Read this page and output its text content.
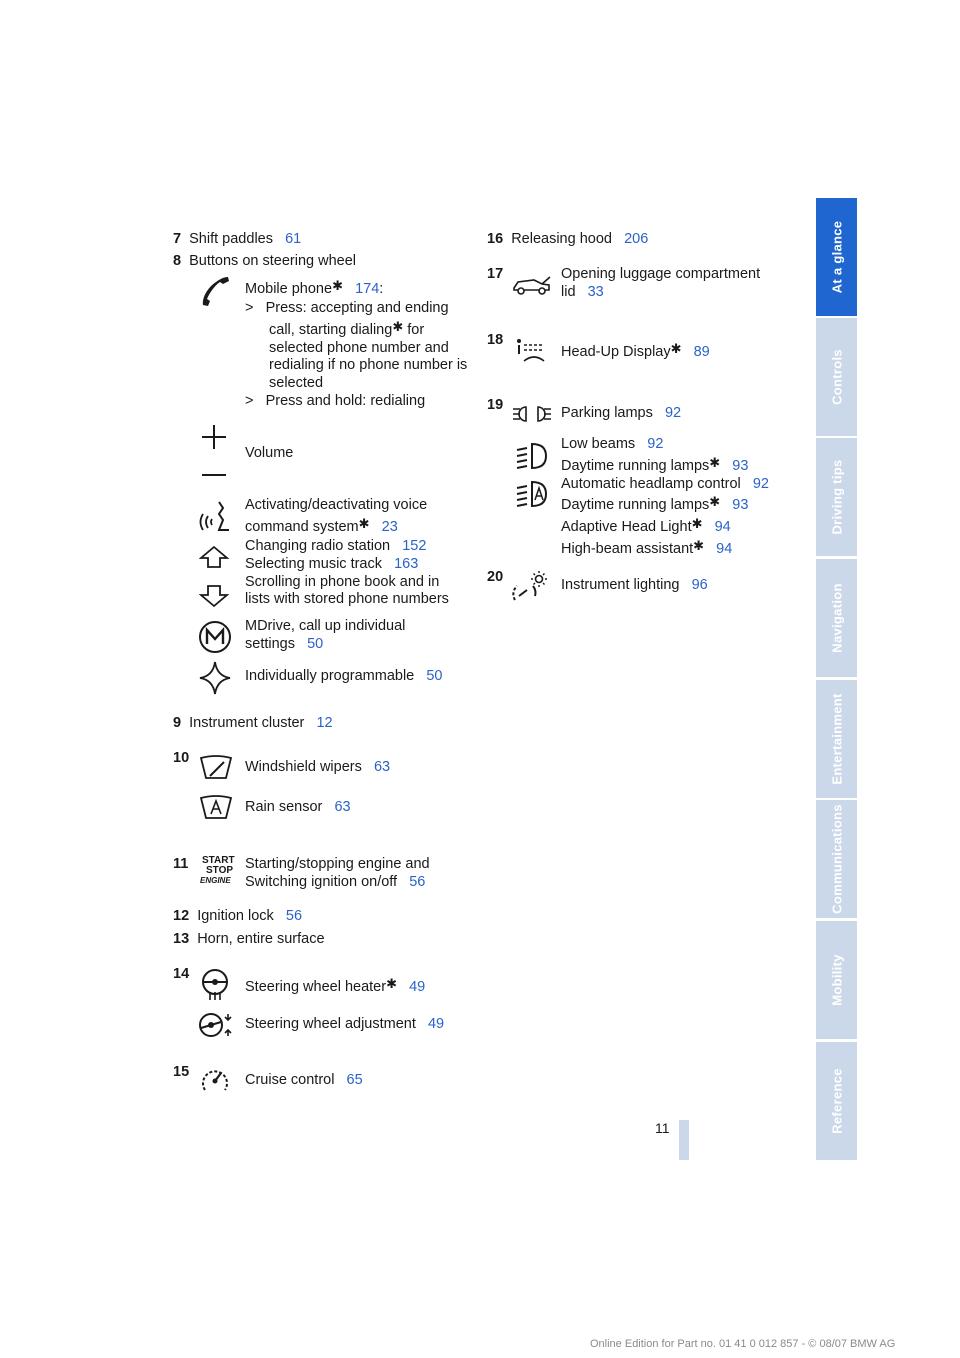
7 Shift paddles 61
8 Buttons on steering wheel
Mobile phone✱ 174:
>   Press: accepting and ending
call, starting dialing✱ for
selected phone number and
redialing if no phone number is
selected
>   Press and hold: redialing
Volume
Activating/deactivating voice
command system✱ 23
Changing radio station 152
Selecting music track 163
Scrolling in phone book and in
lists with stored phone numbers
MDrive, call up individual
settings 50
Individually programmable 50
9 Instrument cluster 12
10
Windshield wipers 63
Rain sensor 63
11	START
STOP
ENGINE
Starting/stopping engine and
Switching ignition on/off 56
12 Ignition lock 56
13 Horn, entire surface
14
Steering wheel heater✱ 49
Steering wheel adjustment 49
15	Cruise control 65
16 Releasing hood 206
17	Opening luggage compartment
lid 33
18
Head-Up Display✱ 89
19	Parking lamps 92
Low beams 92
Daytime running lamps✱ 93
Automatic headlamp control 92
Daytime running lamps✱ 93
Adaptive Head Light✱ 94
High-beam assistant✱ 94
20	Instrument lighting 96
At a glance
Controls
Driving tips
Navigation
Entertainment
Communications
Mobility
Reference
11
Online Edition for Part no. 01 41 0 012 857 - © 08/07 BMW AG
